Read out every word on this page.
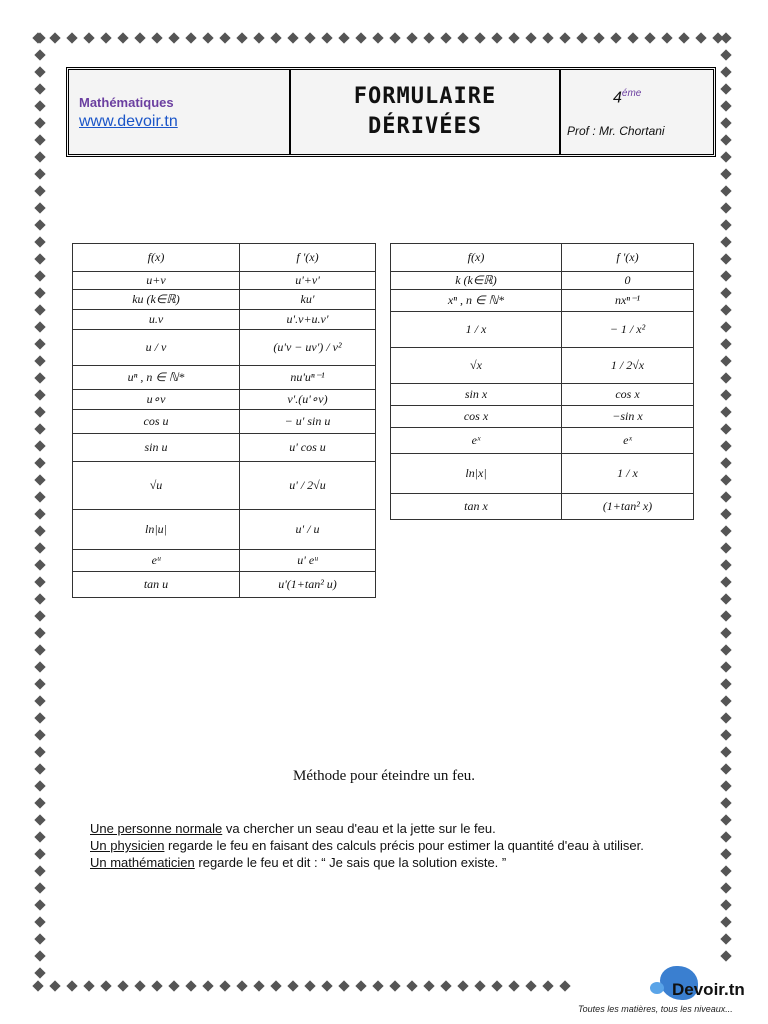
Mathématiques
www.devoir.tn
FORMULAIRE
DÉRIVÉES
$4^{éme}$
Prof : Mr. Chortani
f(x)	f '(x)
u+v	u'+v'
ku (k∈ℝ)	ku'
u.v	u'.v+u.v'
u / v	(u'v − uv') / v²
uⁿ , n ∈ ℕ*	nu'uⁿ⁻¹
u∘v	v'.(u'∘v)
cos u	− u' sin u
sin u	u' cos u
√u	u' / 2√u
ln|u|	u' / u
eᵘ	u' eᵘ
tan u	u'(1+tan² u)
f(x)	f '(x)
k (k∈ℝ)	0
xⁿ , n ∈ ℕ*	nxⁿ⁻¹
1 / x	− 1 / x²
√x	1 / 2√x
sin x	cos x
cos x	−sin x
eˣ	eˣ
ln|x|	1 / x
tan x	(1+tan² x)
Méthode pour éteindre un feu.

Une personne normale va chercher un seau d'eau et la jette sur le feu.

Un physicien regarde le feu en faisant des calculs précis pour estimer la quantité d'eau à utiliser.

Un mathématicien regarde le feu et dit : “ Je sais que la solution existe. ”

Devoir.tn
Toutes les matières, tous les niveaux...
